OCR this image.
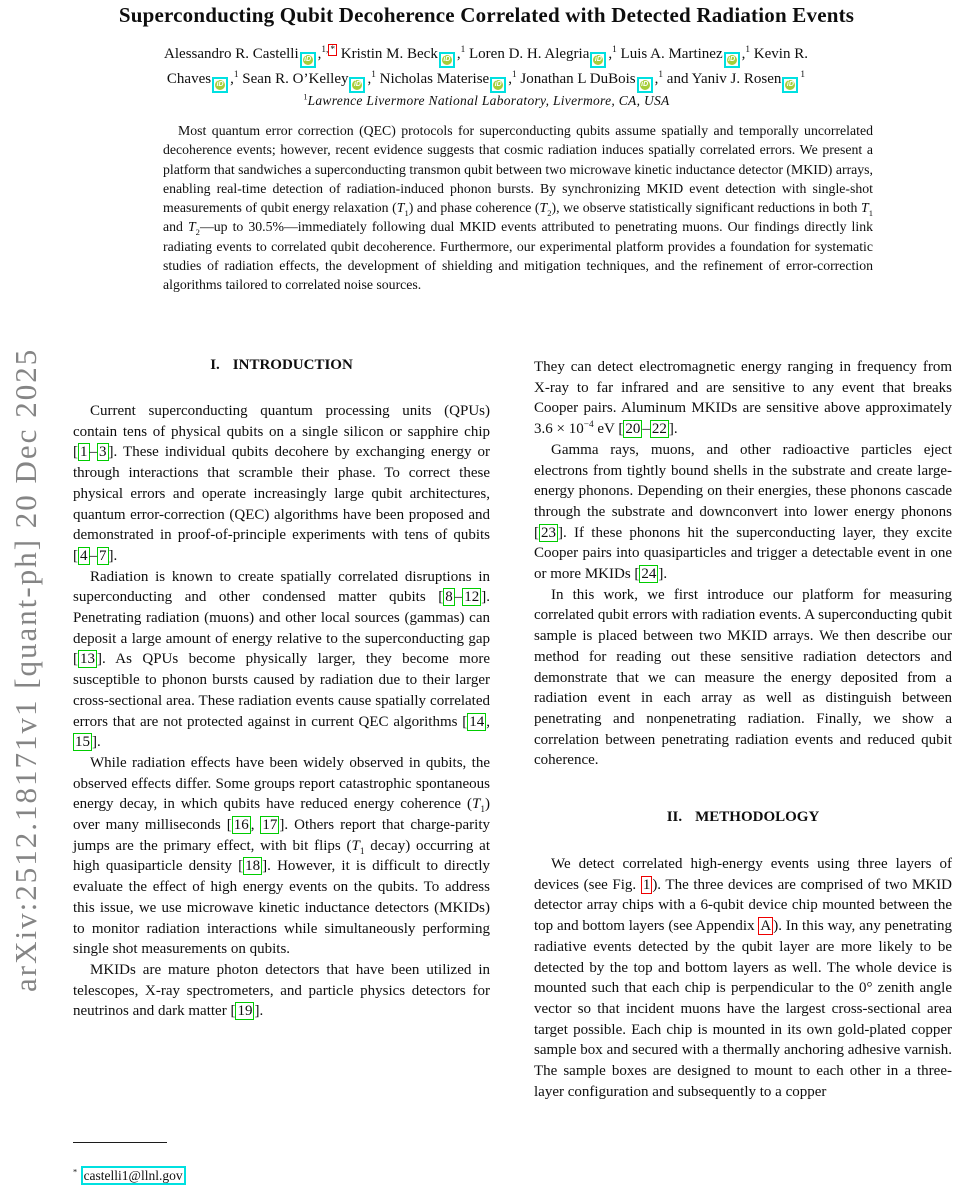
arXiv:2512.18171v1 [quant-ph] 20 Dec 2025
Superconducting Qubit Decoherence Correlated with Detected Radiation Events
Alessandro R. Castelli iD ,$^{1,}$ * Kristin M. Beck iD ,$^1$ Loren D. H. Alegria iD ,$^1$ Luis A. Martinez iD ,$^1$ Kevin R.
Chaves iD ,$^1$ Sean R. O’Kelley iD ,$^1$ Nicholas Materise iD ,$^1$ Jonathan L DuBois iD ,$^1$ and Yaniv J. Rosen $iD^1$
$^1$Lawrence Livermore National Laboratory, Livermore, CA, USA
Most quantum error correction (QEC) protocols for superconducting qubits assume spatially and temporally uncorrelated decoherence events; however, recent evidence suggests that cosmic radiation induces spatially correlated errors. We present a platform that sandwiches a superconducting transmon qubit between two microwave kinetic inductance detector (MKID) arrays, enabling real-time detection of radiation-induced phonon bursts. By synchronizing MKID event detection with single-shot measurements of qubit energy relaxation $(T_1)$ and phase coherence $(T_2)$, we observe statistically significant reductions in both $T_1$ and $T_2—up$ to 30.5%—immediately following dual MKID events attributed to penetrating muons. Our findings directly link radiating events to correlated qubit decoherence. Furthermore, our experimental platform provides a foundation for systematic studies of radiation effects, the development of shielding and mitigation techniques, and the refinement of error-correction algorithms tailored to correlated noise sources.
I. INTRODUCTION

Current superconducting quantum processing units (QPUs) contain tens of physical qubits on a single silicon or sapphire chip [ 1 – 3 ]. These individual qubits decohere by exchanging energy or through interactions that scramble their phase. To correct these physical errors and operate increasingly large qubit architectures, quantum error-correction (QEC) algorithms have been proposed and demonstrated in proof-of-principle experiments with tens of qubits [ 4 – 7 ].

Radiation is known to create spatially correlated disruptions in superconducting and other condensed matter qubits [ 8 – 12 ]. Penetrating radiation (muons) and other local sources (gammas) can deposit a large amount of energy relative to the superconducting gap [ 13 ]. As QPUs become physically larger, they become more susceptible to phonon bursts caused by radiation due to their larger cross-sectional area. These radiation events cause spatially correlated errors that are not protected against in current QEC algorithms [ 14 , 15 ].

While radiation effects have been widely observed in qubits, the observed effects differ. Some groups report catastrophic spontaneous energy decay, in which qubits have reduced energy coherence $(T_1)$ over many milliseconds [ 16 , 17 ]. Others report that charge-parity jumps are the primary effect, with bit flips ($T_1$ decay) occurring at high quasiparticle density [ 18 ]. However, it is difficult to directly evaluate the effect of high energy events on the qubits. To address this issue, we use microwave kinetic inductance detectors (MKIDs) to monitor radiation interactions while simultaneously performing single shot measurements on qubits.

MKIDs are mature photon detectors that have been utilized in telescopes, X-ray spectrometers, and particle physics detectors for neutrinos and dark matter [ 19 ].

They can detect electromagnetic energy ranging in frequency from X-ray to far infrared and are sensitive to any event that breaks Cooper pairs. Aluminum MKIDs are sensitive above approximately $3.6 \times 10^{-4}$ eV [ 20 – 22 ].

Gamma rays, muons, and other radioactive particles eject electrons from tightly bound shells in the substrate and create large-energy phonons. Depending on their energies, these phonons cascade through the substrate and downconvert into lower energy phonons [ 23 ]. If these phonons hit the superconducting layer, they excite Cooper pairs into quasiparticles and trigger a detectable event in one or more MKIDs [ 24 ].

In this work, we first introduce our platform for measuring correlated qubit errors with radiation events. A superconducting qubit sample is placed between two MKID arrays. We then describe our method for reading out these sensitive radiation detectors and demonstrate that we can measure the energy deposited from a radiation event in each array as well as distinguish between penetrating and nonpenetrating radiation. Finally, we show a correlation between penetrating radiation events and reduced qubit coherence.

II. METHODOLOGY

We detect correlated high-energy events using three layers of devices (see Fig. 1 ). The three devices are comprised of two MKID detector array chips with a 6-qubit device chip mounted between the top and bottom layers (see Appendix A ). In this way, any penetrating radiative events detected by the qubit layer are more likely to be detected by the top and bottom layers as well. The whole device is mounted such that each chip is perpendicular to the 0° zenith angle vector so that incident muons have the largest cross-sectional area target possible. Each chip is mounted in its own gold-plated copper sample box and secured with a thermally anchoring adhesive varnish. The sample boxes are designed to mount to each other in a three-layer configuration and subsequently to a copper

* castelli1@llnl.gov
